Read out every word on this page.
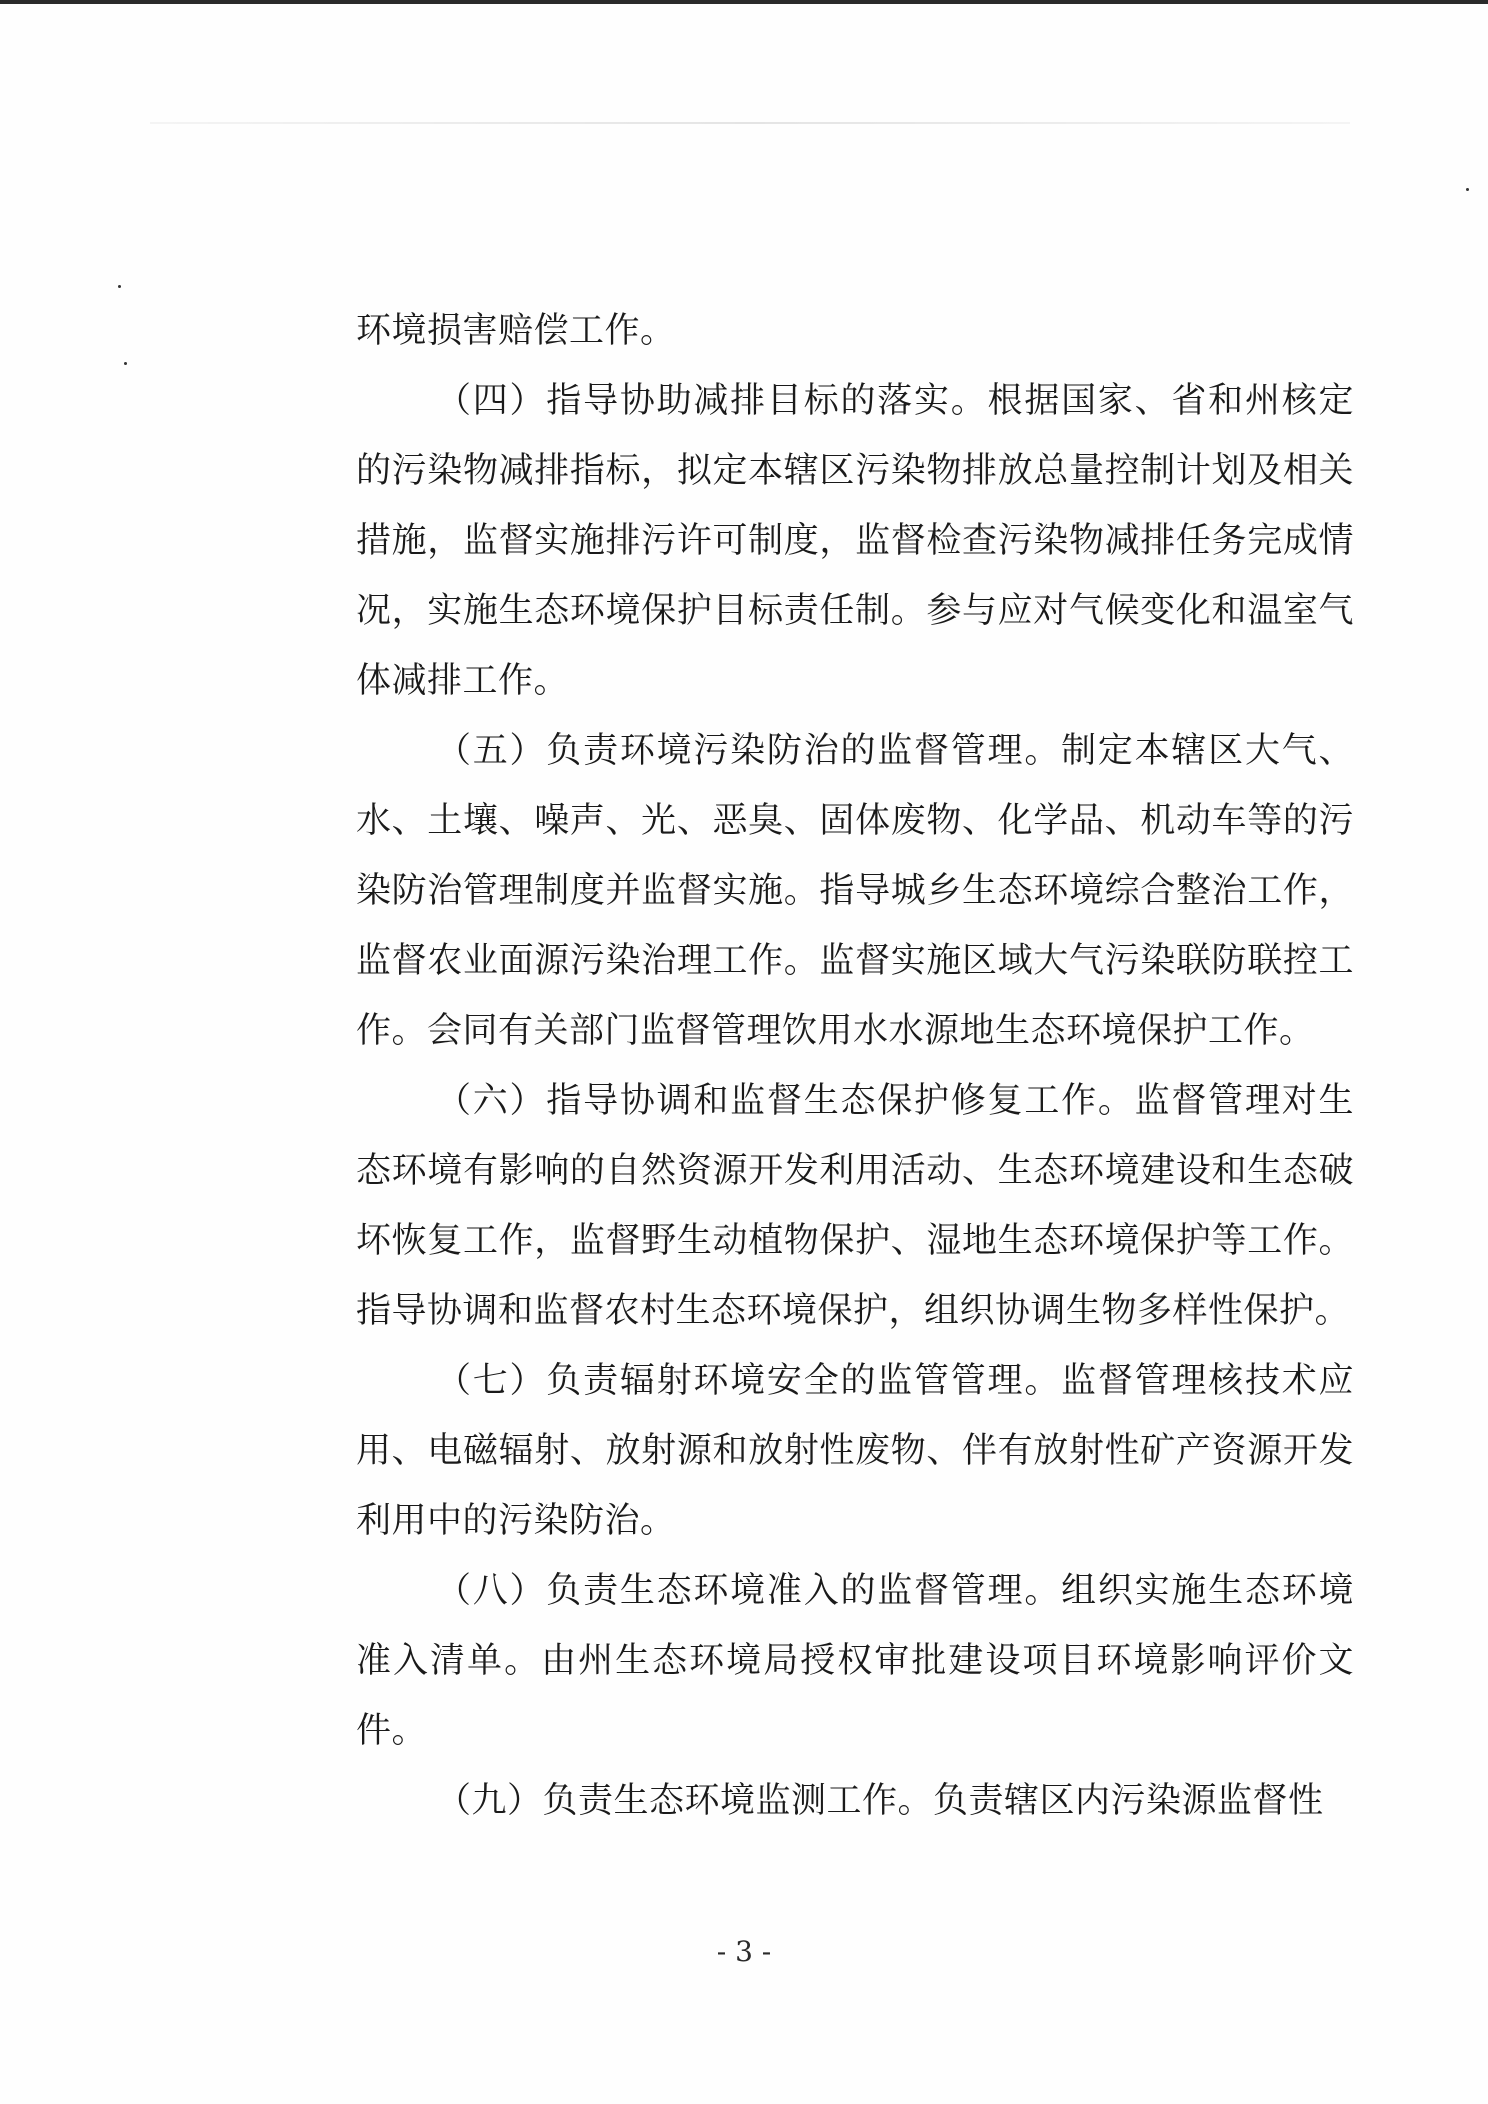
环境损害赔偿工作。

（四）指导协助减排目标的落实。根据国家、省和州核定的污染物减排指标，拟定本辖区污染物排放总量控制计划及相关措施，监督实施排污许可制度，监督检查污染物减排任务完成情况，实施生态环境保护目标责任制。参与应对气候变化和温室气体减排工作。

（五）负责环境污染防治的监督管理。制定本辖区大气、水、土壤、噪声、光、恶臭、固体废物、化学品、机动车等的污染防治管理制度并监督实施。指导城乡生态环境综合整治工作，监督农业面源污染治理工作。监督实施区域大气污染联防联控工作。会同有关部门监督管理饮用水水源地生态环境保护工作。

（六）指导协调和监督生态保护修复工作。监督管理对生态环境有影响的自然资源开发利用活动、生态环境建设和生态破坏恢复工作，监督野生动植物保护、湿地生态环境保护等工作。指导协调和监督农村生态环境保护，组织协调生物多样性保护。

（七）负责辐射环境安全的监管管理。监督管理核技术应用、电磁辐射、放射源和放射性废物、伴有放射性矿产资源开发利用中的污染防治。

（八）负责生态环境准入的监督管理。组织实施生态环境准入清单。由州生态环境局授权审批建设项目环境影响评价文件。

（九）负责生态环境监测工作。负责辖区内污染源监督性

- 3 -
